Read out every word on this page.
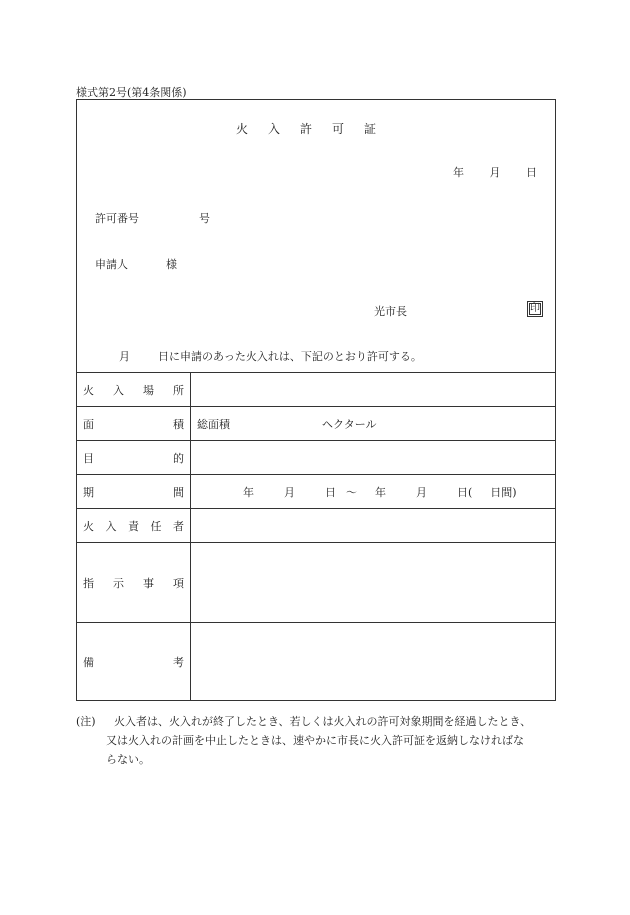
様式第2号(第4条関係)
火入許可証
年 月 日
許可番号	号
申請人	様
光市長	印
月	日に申請のあった火入れは、下記のとおり許可する。
火 入 場 所	

面 積	総面積 ヘクタール

目 的	

期 間	年 月 日 〜 年 月 日( 日間)

火 入 責 任 者	

指 示 事 項	

備 考	

(注)	火入者は、火入れが終了したとき、若しくは火入れの許可対象期間を経過したとき、
又は火入れの計画を中止したときは、速やかに市長に火入許可証を返納しなければな
らない。
